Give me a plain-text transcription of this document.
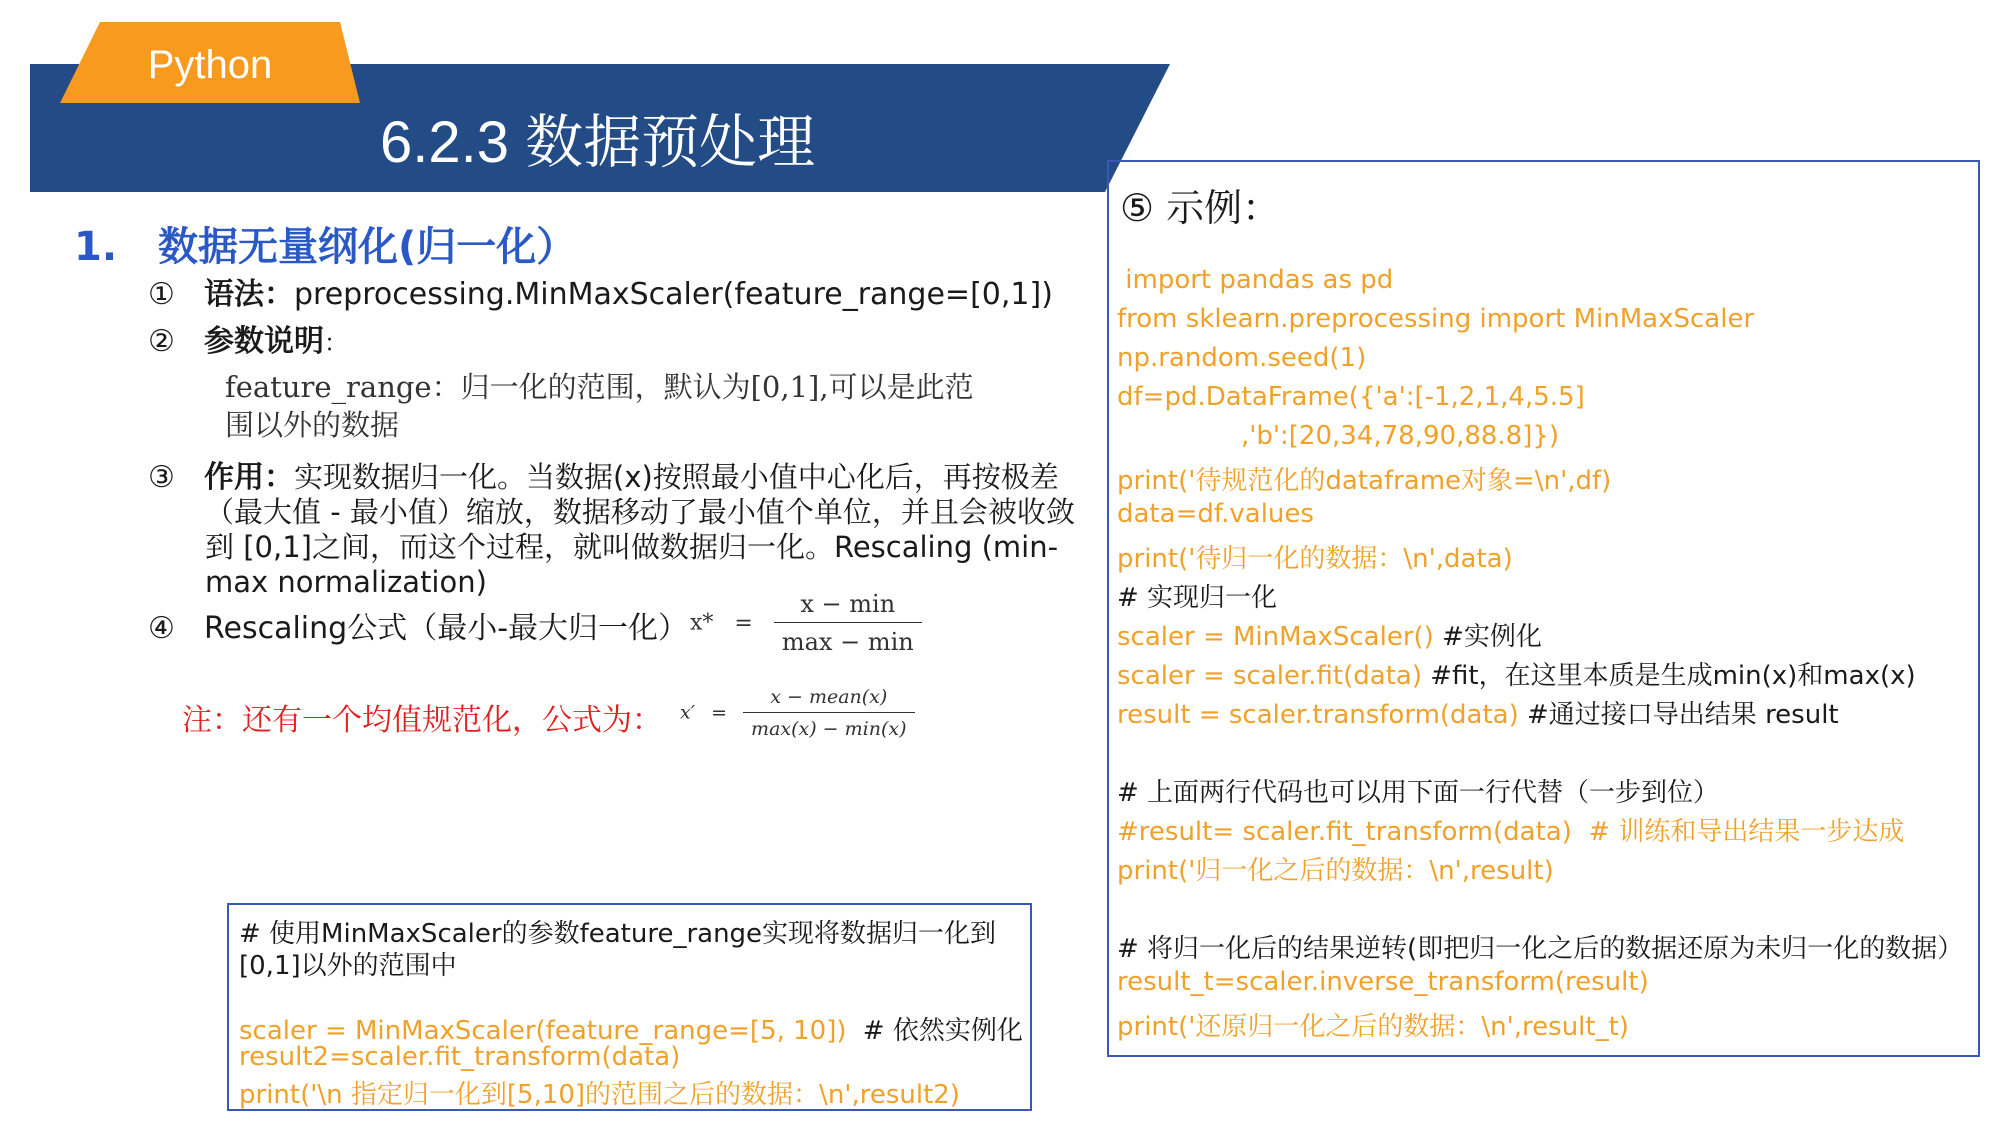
Python
6.2.3 数据预处理
1. 数据无量纲化(归一化）
① 语法：preprocessing.MinMaxScaler(feature_range=[0,1])
② 参数说明：
feature_range：归一化的范围，默认为[0,1],可以是此范
围以外的数据
③ 作用：实现数据归一化。当数据(x)按照最小值中心化后，再按极差
（最大值 - 最小值）缩放，数据移动了最小值个单位，并且会被收敛
到 [0,1]之间，而这个过程，就叫做数据归一化。Rescaling (min-
max normalization)
④ Rescaling公式（最小-最大归一化） $x* = \frac{x - \min}{\max - \min}$
注：还有一个均值规范化，公式为： $x' = \frac{\text{x − mean(x)}}{\max(x) - \min(x)}$
# 使用MinMaxScaler的参数feature_range实现将数据归一化到
[0,1]以外的范围中
scaler = MinMaxScaler(feature_range=[5, 10]) # 依然实例化
result2=scaler.fit_transform(data)
print('\n 指定归一化到[5,10]的范围之后的数据：\n',result2)
⑤ 示例：
import pandas as pd
from sklearn.preprocessing import MinMaxScaler
np.random.seed(1)
df=pd.DataFrame({'a':[-1,2,1,4,5.5]
,'b':[20,34,78,90,88.8]})
print('待规范化的dataframe对象=\n',df)
data=df.values
print('待归一化的数据：\n',data)
# 实现归一化
scaler = MinMaxScaler() #实例化
scaler = scaler.fit(data) #fit，在这里本质是生成min(x)和max(x)
result = scaler.transform(data) #通过接口导出结果 result
# 上面两行代码也可以用下面一行代替（一步到位）
#result= scaler.fit_transform(data)  # 训练和导出结果一步达成
print('归一化之后的数据：\n',result)
# 将归一化后的结果逆转(即把归一化之后的数据还原为未归一化的数据）
result_t=scaler.inverse_transform(result)
print('还原归一化之后的数据：\n',result_t)
